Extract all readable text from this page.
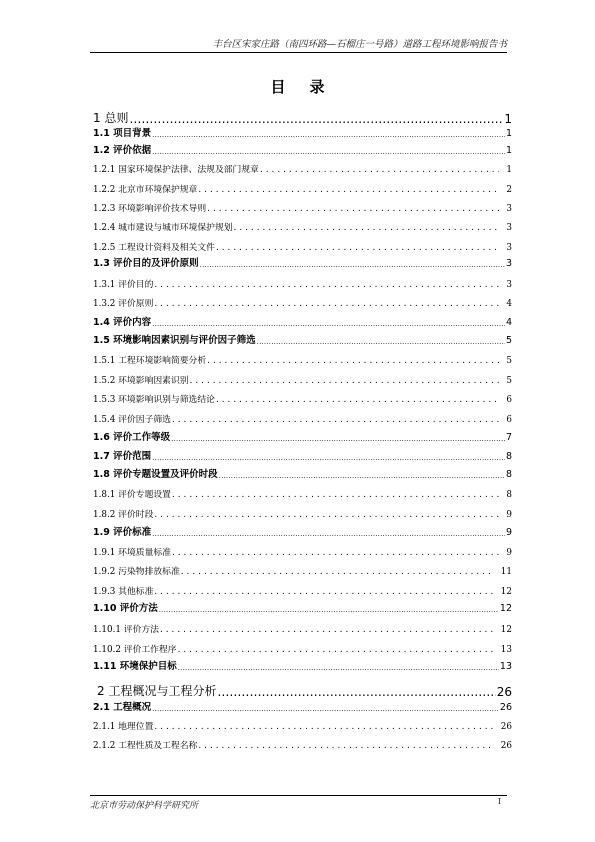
丰台区宋家庄路（南四环路—石榴庄一号路）道路工程环境影响报告书
目录
1 总则 .....	1
1.1 项目背景 .....	1
1.2 评价依据 .....	1
1.2.1 国家环境保护法律、法规及部门规章 .....	1
1.2.2 北京市环境保护规章 .....	2
1.2.3 环境影响评价技术导则 .....	3
1.2.4 城市建设与城市环境保护规划 .....	3
1.2.5 工程设计资料及相关文件 .....	3
1.3 评价目的及评价原则 .....	3
1.3.1 评价目的 .....	3
1.3.2 评价原则 .....	4
1.4 评价内容 .....	4
1.5 环境影响因素识别与评价因子筛选 .....	5
1.5.1 工程环境影响简要分析 .....	5
1.5.2 环境影响因素识别 .....	5
1.5.3 环境影响识别与筛选结论 .....	6
1.5.4 评价因子筛选 .....	6
1.6 评价工作等级 .....	7
1.7 评价范围 .....	8
1.8 评价专题设置及评价时段 .....	8
1.8.1 评价专题设置 .....	8
1.8.2 评价时段 .....	9
1.9 评价标准 .....	9
1.9.1 环境质量标准 .....	9
1.9.2 污染物排放标准 .....	11
1.9.3 其他标准 .....	12
1.10 评价方法 .....	12
1.10.1 评价方法 .....	12
1.10.2 评价工作程序 .....	13
1.11 环境保护目标 .....	13
2 工程概况与工程分析 .....	26
2.1 工程概况 .....	26
2.1.1 地理位置 .....	26
2.1.2 工程性质及工程名称 .....	26
北京市劳动保护科学研究所	I
